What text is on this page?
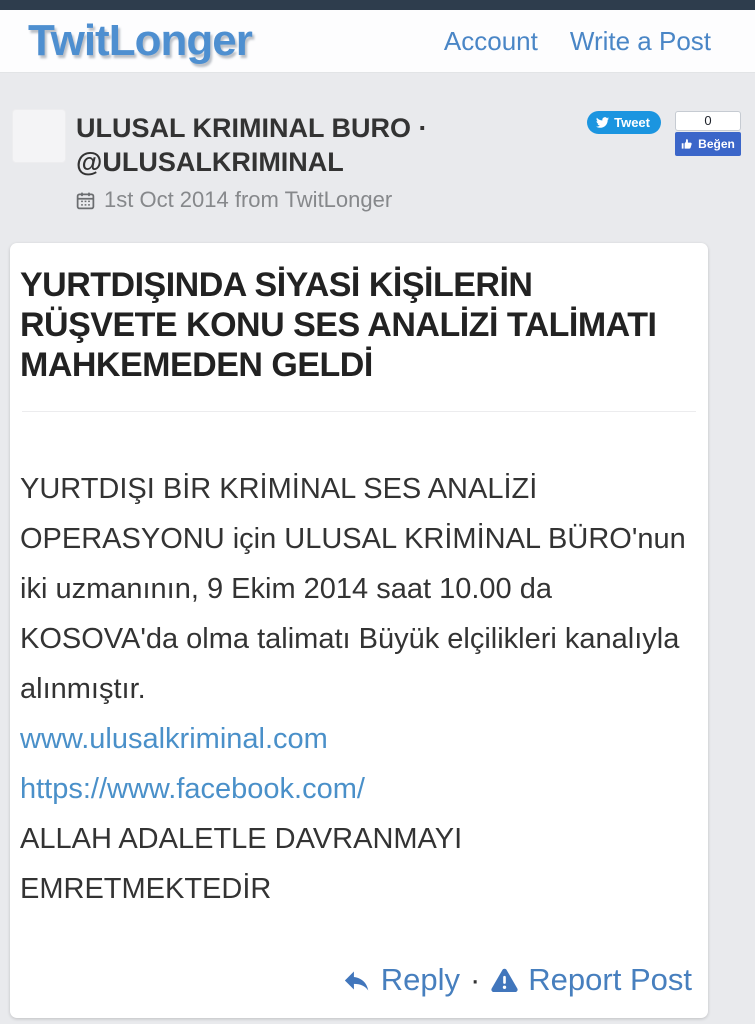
TwitLonger	Account Write a Post
ULUSAL KRIMINAL BURO · @ULUSALKRIMINAL
Tweet	0
Beğen
1st Oct 2014 from TwitLonger
YURTDIŞINDA SİYASİ KİŞİLERİN RÜŞVETE KONU SES ANALİZİ TALİMATI MAHKEMEDEN GELDİ

YURTDIŞI BİR KRİMİNAL SES ANALİZİ OPERASYONU için ULUSAL KRİMİNAL BÜRO'nun iki uzmanının, 9 Ekim 2014 saat 10.00 da KOSOVA'da olma talimatı Büyük elçilikleri kanalıyla alınmıştır.

www.ulusalkriminal.com
https://www.facebook.com/

ALLAH ADALETLE DAVRANMAYI EMRETMEKTEDİR

Reply · Report Post
